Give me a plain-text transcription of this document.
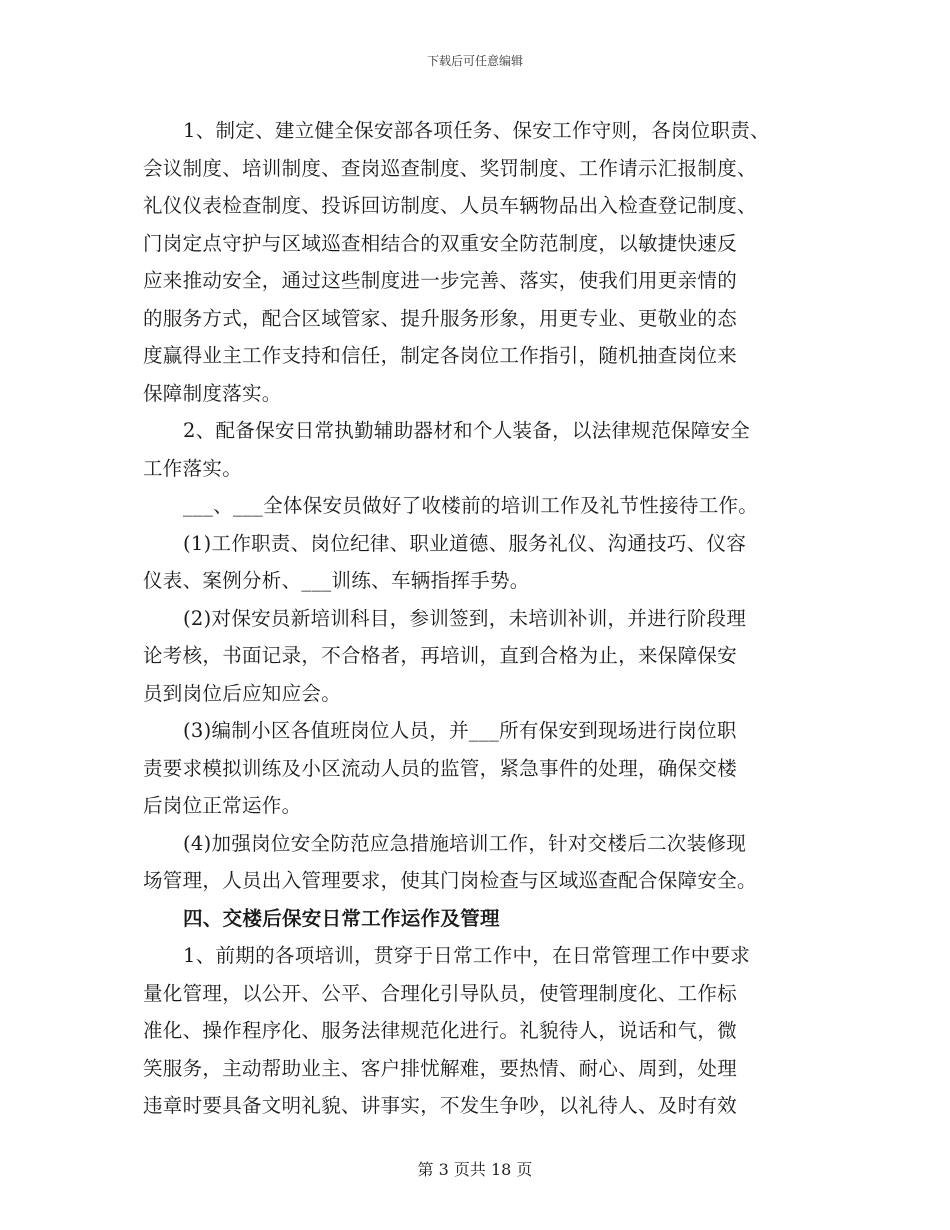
下载后可任意编辑
1、制定、建立健全保安部各项任务、保安工作守则，各岗位职责、
会议制度、培训制度、查岗巡查制度、奖罚制度、工作请示汇报制度、
礼仪仪表检查制度、投诉回访制度、人员车辆物品出入检查登记制度、
门岗定点守护与区域巡查相结合的双重安全防范制度，以敏捷快速反
应来推动安全，通过这些制度进一步完善、落实，使我们用更亲情的
的服务方式，配合区域管家、提升服务形象，用更专业、更敬业的态
度赢得业主工作支持和信任，制定各岗位工作指引，随机抽查岗位来
保障制度落实。
2、配备保安日常执勤辅助器材和个人装备，以法律规范保障安全
工作落实。
___、___全体保安员做好了收楼前的培训工作及礼节性接待工作。
(1)工作职责、岗位纪律、职业道德、服务礼仪、沟通技巧、仪容
仪表、案例分析、___训练、车辆指挥手势。
(2)对保安员新培训科目，参训签到，未培训补训，并进行阶段理
论考核，书面记录，不合格者，再培训，直到合格为止，来保障保安
员到岗位后应知应会。
(3)编制小区各值班岗位人员，并___所有保安到现场进行岗位职
责要求模拟训练及小区流动人员的监管，紧急事件的处理，确保交楼
后岗位正常运作。
(4)加强岗位安全防范应急措施培训工作，针对交楼后二次装修现
场管理，人员出入管理要求，使其门岗检查与区域巡查配合保障安全。
四、交楼后保安日常工作运作及管理
1、前期的各项培训，贯穿于日常工作中，在日常管理工作中要求
量化管理，以公开、公平、合理化引导队员，使管理制度化、工作标
准化、操作程序化、服务法律规范化进行。礼貌待人，说话和气，微
笑服务，主动帮助业主、客户排忧解难，要热情、耐心、周到，处理
违章时要具备文明礼貌、讲事实，不发生争吵，以礼待人、及时有效
第 3 页共 18 页
